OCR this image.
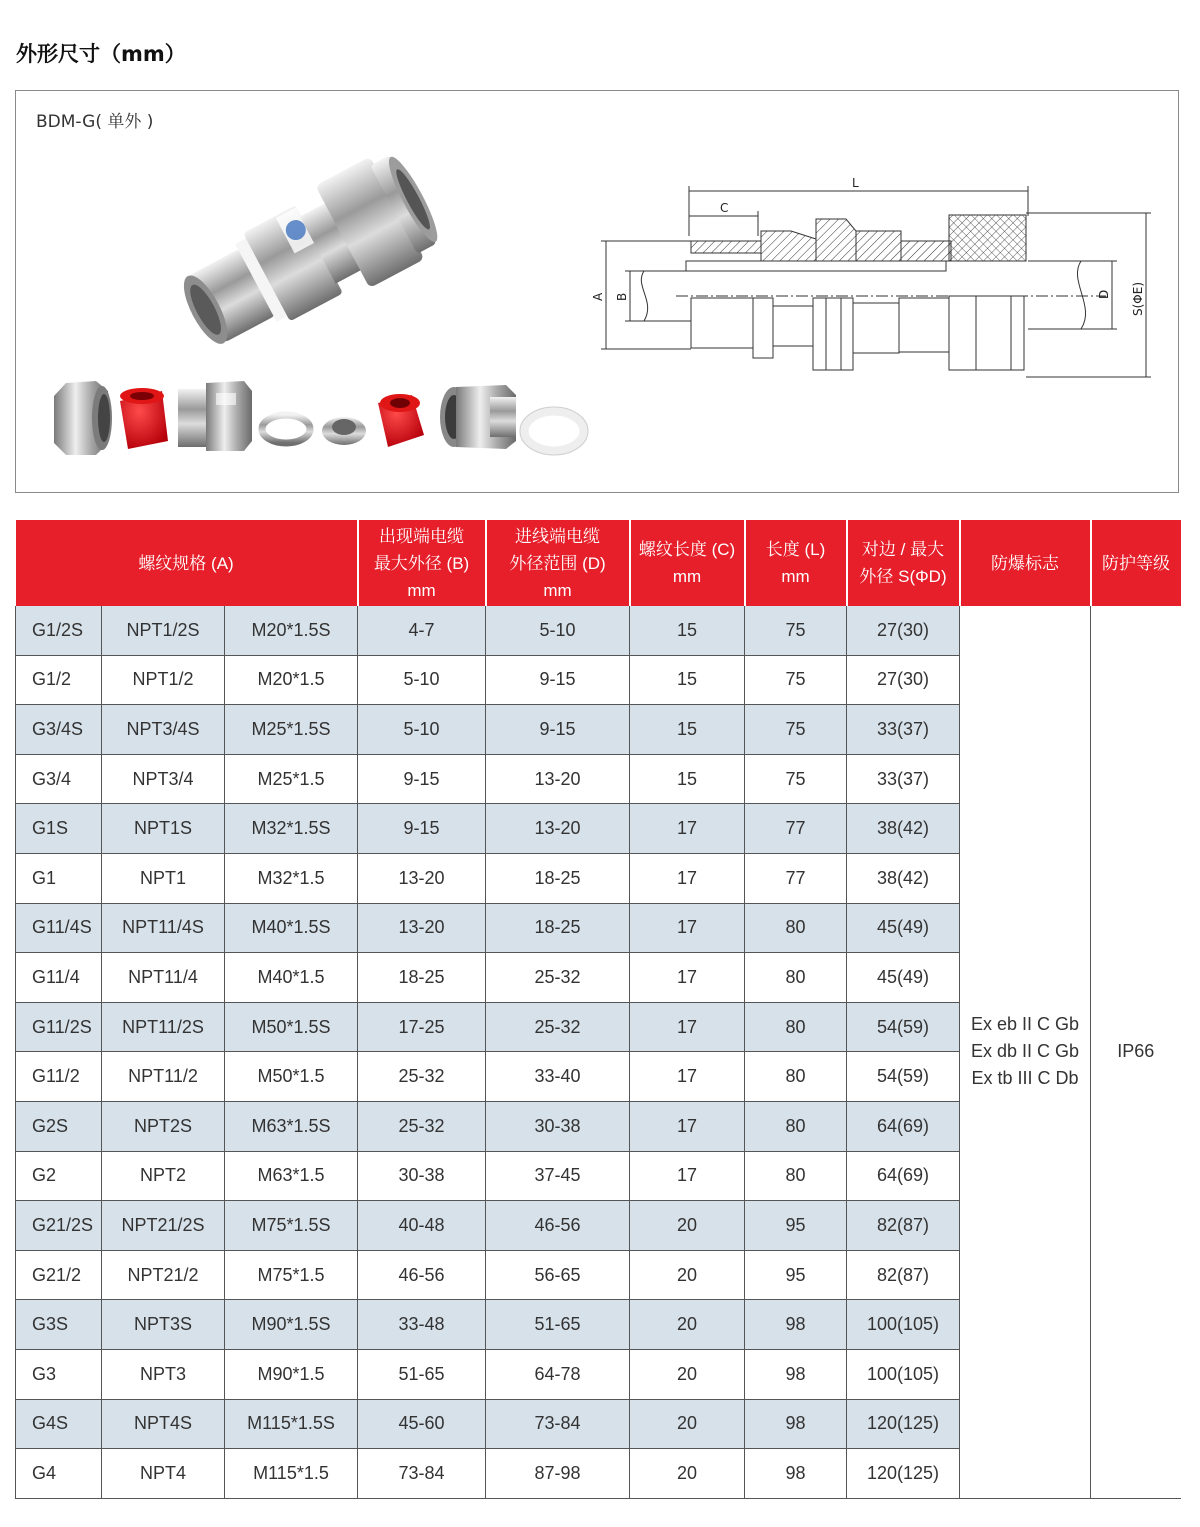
外形尺寸（mm）
BDM-G( 单外 )
L
C
A B	D S(ΦE)
螺纹规格 (A)			出现端电缆
最大外径 (B)
mm	进线端电缆
外径范围 (D)
mm	螺纹长度 (C)
mm	长度 (L)
mm	对边 / 最大
外径 S(ΦD)	防爆标志	防护等级
G1/2S	NPT1/2S	M20*1.5S	4-7	5-10	15	75	27(30)	Ex eb II C Gb
Ex db II C Gb
Ex tb III C Db	IP66
G1/2	NPT1/2	M20*1.5	5-10	9-15	15	75	27(30)		
G3/4S	NPT3/4S	M25*1.5S	5-10	9-15	15	75	33(37)		
G3/4	NPT3/4	M25*1.5	9-15	13-20	15	75	33(37)		
G1S	NPT1S	M32*1.5S	9-15	13-20	17	77	38(42)		
G1	NPT1	M32*1.5	13-20	18-25	17	77	38(42)		
G11/4S	NPT11/4S	M40*1.5S	13-20	18-25	17	80	45(49)		
G11/4	NPT11/4	M40*1.5	18-25	25-32	17	80	45(49)		
G11/2S	NPT11/2S	M50*1.5S	17-25	25-32	17	80	54(59)		
G11/2	NPT11/2	M50*1.5	25-32	33-40	17	80	54(59)		
G2S	NPT2S	M63*1.5S	25-32	30-38	17	80	64(69)		
G2	NPT2	M63*1.5	30-38	37-45	17	80	64(69)		
G21/2S	NPT21/2S	M75*1.5S	40-48	46-56	20	95	82(87)		
G21/2	NPT21/2	M75*1.5	46-56	56-65	20	95	82(87)		
G3S	NPT3S	M90*1.5S	33-48	51-65	20	98	100(105)		
G3	NPT3	M90*1.5	51-65	64-78	20	98	100(105)		
G4S	NPT4S	M115*1.5S	45-60	73-84	20	98	120(125)		
G4	NPT4	M115*1.5	73-84	87-98	20	98	120(125)		
